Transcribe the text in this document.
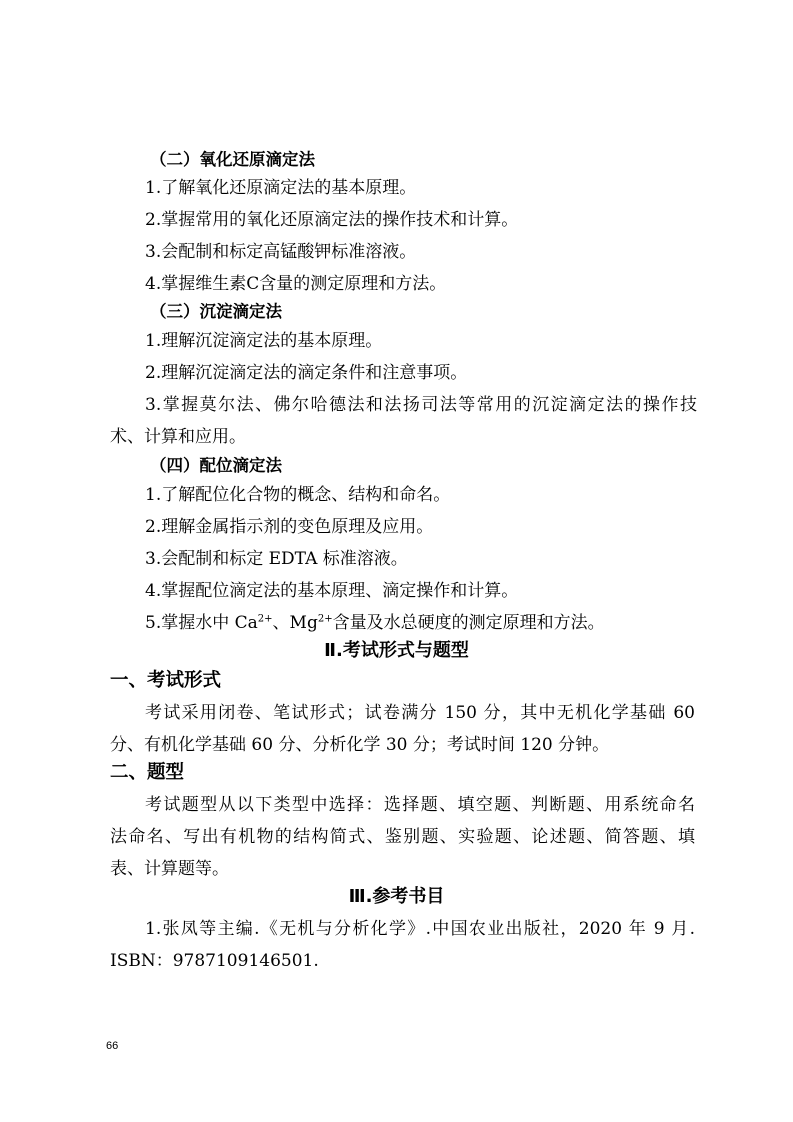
（二）氧化还原滴定法
1.了解氧化还原滴定法的基本原理。
2.掌握常用的氧化还原滴定法的操作技术和计算。
3.会配制和标定高锰酸钾标准溶液。
4.掌握维生素C含量的测定原理和方法。
（三）沉淀滴定法
1.理解沉淀滴定法的基本原理。
2.理解沉淀滴定法的滴定条件和注意事项。
3.掌握莫尔法、佛尔哈德法和法扬司法等常用的沉淀滴定法的操作技
术、计算和应用。
（四）配位滴定法
1.了解配位化合物的概念、结构和命名。
2.理解金属指示剂的变色原理及应用。
3.会配制和标定 EDTA 标准溶液。
4.掌握配位滴定法的基本原理、滴定操作和计算。
5.掌握水中 $Ca^{2+}$、$Mg^{2+}$含量及水总硬度的测定原理和方法。
Ⅱ.考试形式与题型
一、考试形式
考试采用闭卷、笔试形式；试卷满分 150 分，其中无机化学基础 60
分、有机化学基础 60 分、分析化学 30 分；考试时间 120 分钟。
二、题型
考试题型从以下类型中选择：选择题、填空题、判断题、用系统命名
法命名、写出有机物的结构简式、鉴别题、实验题、论述题、简答题、填
表、计算题等。
Ⅲ.参考书目
1.张凤等主编.《无机与分析化学》.中国农业出版社，2020 年 9 月.
ISBN：9787109146501.
66
